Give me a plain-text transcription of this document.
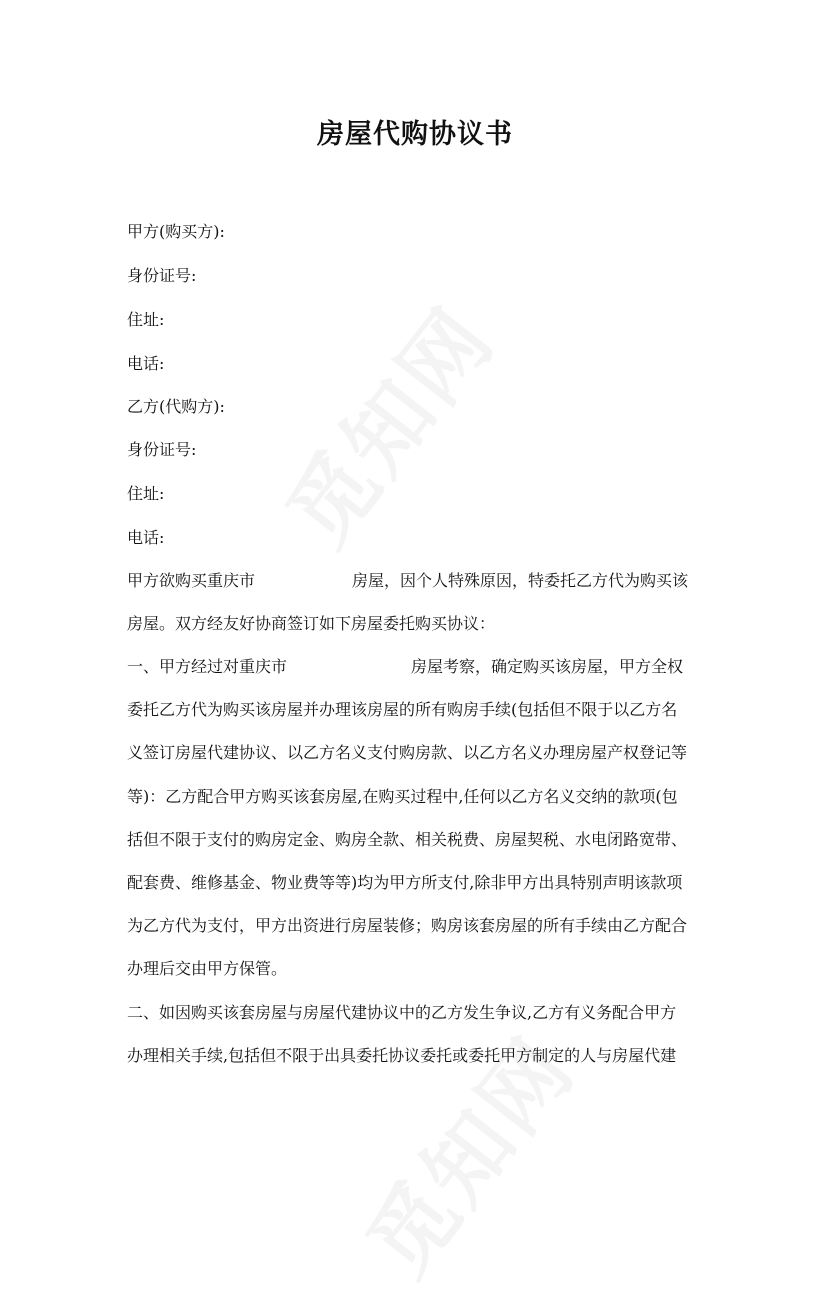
房屋代购协议书
甲方(购买方):
身份证号:
住址:
电话:
乙方(代购方):
身份证号:
住址:
电话:
甲方欲购买重庆市	房屋，因个人特殊原因，特委托乙方代为购买该
房屋。双方经友好协商签订如下房屋委托购买协议：
一、甲方经过对重庆市	房屋考察，确定购买该房屋，甲方全权
委托乙方代为购买该房屋并办理该房屋的所有购房手续(包括但不限于以乙方名
义签订房屋代建协议、以乙方名义支付购房款、以乙方名义办理房屋产权登记等
等)：乙方配合甲方购买该套房屋,在购买过程中,任何以乙方名义交纳的款项(包
括但不限于支付的购房定金、购房全款、相关税费、房屋契税、水电闭路宽带、
配套费、维修基金、物业费等等)均为甲方所支付,除非甲方出具特别声明该款项
为乙方代为支付，甲方出资进行房屋装修；购房该套房屋的所有手续由乙方配合
办理后交由甲方保管。
二、如因购买该套房屋与房屋代建协议中的乙方发生争议,乙方有义务配合甲方
办理相关手续,包括但不限于出具委托协议委托或委托甲方制定的人与房屋代建
